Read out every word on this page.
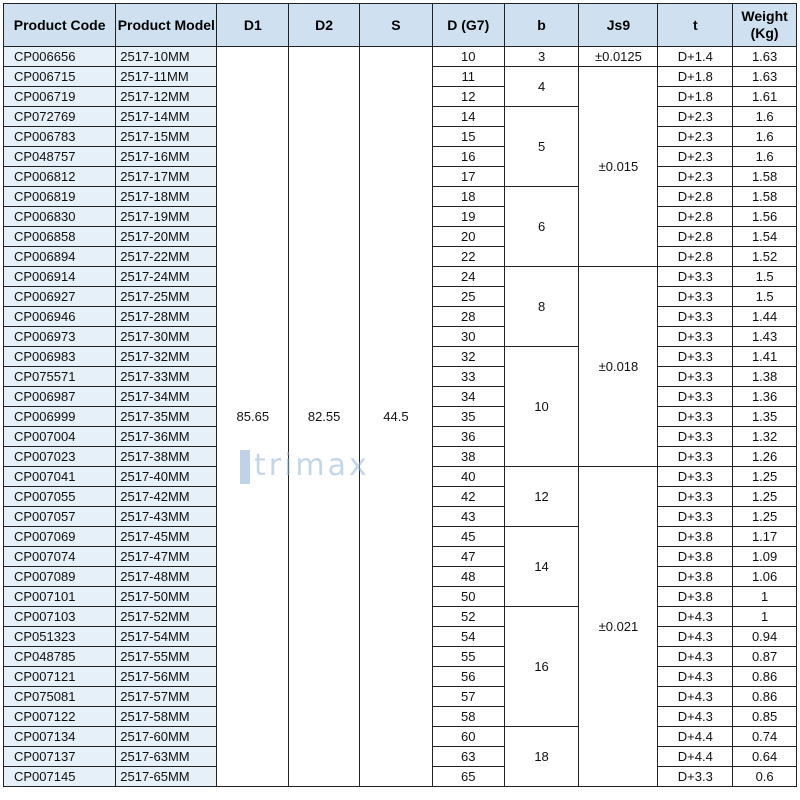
Product Code	Product Model	D1	D2	S	D (G7)	b	Js9	t	Weight (Kg)
CP006656	2517-10MM	85.65	82.55	44.5	10	3	±0.0125	D+1.4	1.63
CP006715	2517-11MM				11	4	±0.015	D+1.8	1.63
CP006719	2517-12MM				12			D+1.8	1.61
CP072769	2517-14MM				14	5		D+2.3	1.6
CP006783	2517-15MM				15			D+2.3	1.6
CP048757	2517-16MM				16			D+2.3	1.6
CP006812	2517-17MM				17			D+2.3	1.58
CP006819	2517-18MM				18	6		D+2.8	1.58
CP006830	2517-19MM				19			D+2.8	1.56
CP006858	2517-20MM				20			D+2.8	1.54
CP006894	2517-22MM				22			D+2.8	1.52
CP006914	2517-24MM				24	8	±0.018	D+3.3	1.5
CP006927	2517-25MM				25			D+3.3	1.5
CP006946	2517-28MM				28			D+3.3	1.44
CP006973	2517-30MM				30			D+3.3	1.43
CP006983	2517-32MM				32	10		D+3.3	1.41
CP075571	2517-33MM				33			D+3.3	1.38
CP006987	2517-34MM				34			D+3.3	1.36
CP006999	2517-35MM				35			D+3.3	1.35
CP007004	2517-36MM				36			D+3.3	1.32
CP007023	2517-38MM				38			D+3.3	1.26
CP007041	2517-40MM				40	12	±0.021	D+3.3	1.25
CP007055	2517-42MM				42			D+3.3	1.25
CP007057	2517-43MM				43			D+3.3	1.25
CP007069	2517-45MM				45	14		D+3.8	1.17
CP007074	2517-47MM				47			D+3.8	1.09
CP007089	2517-48MM				48			D+3.8	1.06
CP007101	2517-50MM				50			D+3.8	1
CP007103	2517-52MM				52	16		D+4.3	1
CP051323	2517-54MM				54			D+4.3	0.94
CP048785	2517-55MM				55			D+4.3	0.87
CP007121	2517-56MM				56			D+4.3	0.86
CP075081	2517-57MM				57			D+4.3	0.86
CP007122	2517-58MM				58			D+4.3	0.85
CP007134	2517-60MM				60	18		D+4.4	0.74
CP007137	2517-63MM				63			D+4.4	0.64
CP007145	2517-65MM				65			D+3.3	0.6
trimax
